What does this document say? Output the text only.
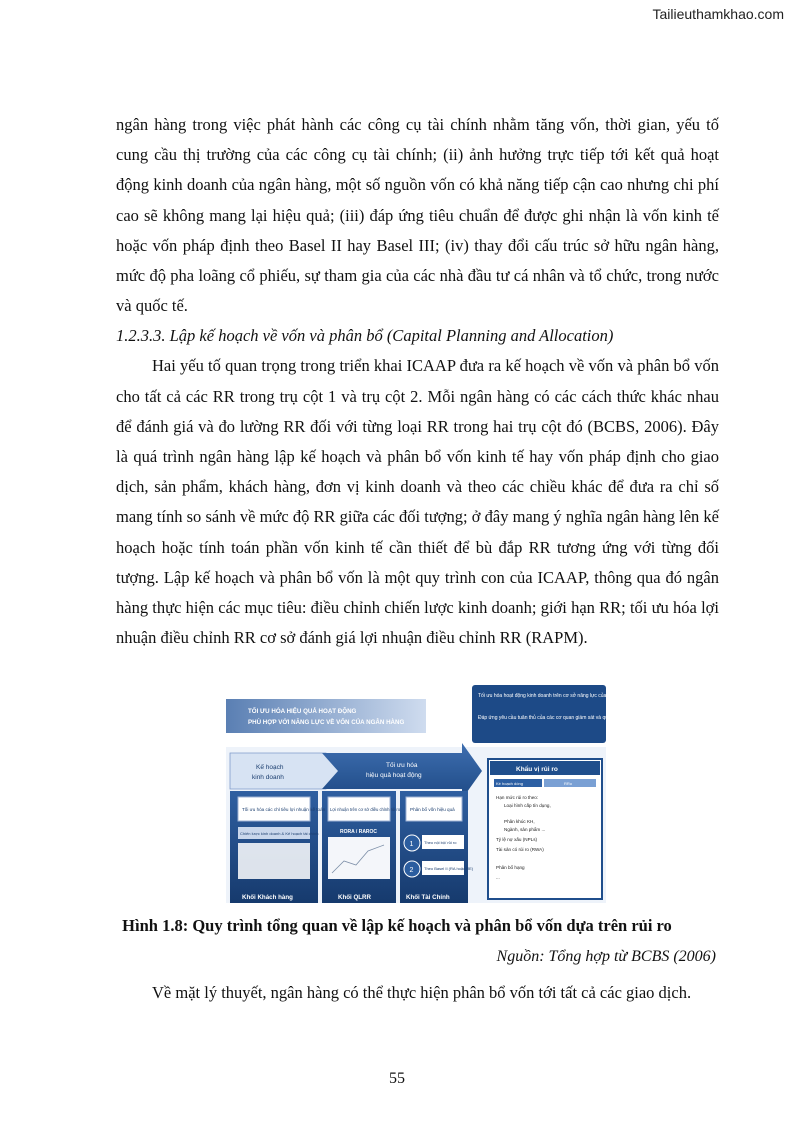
Tailieuthamkhao.com

ngân hàng trong việc phát hành các công cụ tài chính nhằm tăng vốn, thời gian, yếu tố cung cầu thị trường của các công cụ tài chính; (ii) ảnh hưởng trực tiếp tới kết quả hoạt động kinh doanh của ngân hàng, một số nguồn vốn có khả năng tiếp cận cao nhưng chi phí cao sẽ không mang lại hiệu quả; (iii) đáp ứng tiêu chuẩn để được ghi nhận là vốn kinh tế hoặc vốn pháp định theo Basel II hay Basel III; (iv) thay đổi cấu trúc sở hữu ngân hàng, mức độ pha loãng cổ phiếu, sự tham gia của các nhà đầu tư cá nhân và tổ chức, trong nước và quốc tế.

1.2.3.3. Lập kế hoạch về vốn và phân bổ (Capital Planning and Allocation)

Hai yếu tố quan trọng trong triển khai ICAAP đưa ra kế hoạch về vốn và phân bổ vốn cho tất cả các RR trong trụ cột 1 và trụ cột 2. Mỗi ngân hàng có các cách thức khác nhau để đánh giá và đo lường RR đối với từng loại RR trong hai trụ cột đó (BCBS, 2006). Đây là quá trình ngân hàng lập kế hoạch và phân bổ vốn kinh tế hay vốn pháp định cho giao dịch, sản phẩm, khách hàng, đơn vị kinh doanh và theo các chiều khác để đưa ra chỉ số mang tính so sánh về mức độ RR giữa các đối tượng; ở đây mang ý nghĩa ngân hàng lên kế hoạch hoặc tính toán phần vốn kinh tế cần thiết để bù đắp RR tương ứng với từng đối tượng. Lập kế hoạch và phân bổ vốn là một quy trình con của ICAAP, thông qua đó ngân hàng thực hiện các mục tiêu: điều chỉnh chiến lược kinh doanh; giới hạn RR; tối ưu hóa lợi nhuận điều chỉnh RR cơ sở đánh giá lợi nhuận điều chỉnh RR (RAPM).

TỐI ƯU HÓA HIỆU QUẢ HOẠT ĐỘNG
PHÙ HỢP VỚI NĂNG LỰC VỀ VỐN CỦA NGÂN HÀNG
Tối ưu hóa hoạt động kinh doanh trên cơ sở năng lực của NH
Đáp ứng yêu cầu tuân thủ của các cơ quan giám sát và quản trị nội bộ
Kế hoạch
kinh doanh
Tối ưu hóa
hiệu quả hoạt động
Tối ưu hóa các chỉ tiêu lợi nhuận kế toán
Chiến lược kinh doanh & Kế hoạch tài chính
Lợi nhuận trên cơ sở điều chỉnh rủi ro
RORA / RAROC
Phân bổ vốn hiệu quả
1	Theo nội bộ/ rủi ro
2	Theo Basel II (RA hoặc RE)
Khối Khách hàng	Khối QLRR	Khối Tài Chính
Khẩu vị rủi ro
Ké hoạch dòng	RRo
Hạn mức rủi ro theo:
Loại hình cấp tín dụng,
Phân khúc KH,
Ngành, sản phẩm ...
Tỷ lệ nợ xấu (NPLs)
Tài sản có rủi ro (RWA)
Phân bổ hạng
...
Hình 1.8: Quy trình tổng quan về lập kế hoạch và phân bổ vốn dựa trên rủi ro
Nguồn: Tổng hợp từ BCBS (2006)

Về mặt lý thuyết, ngân hàng có thể thực hiện phân bổ vốn tới tất cả các giao dịch.

55
